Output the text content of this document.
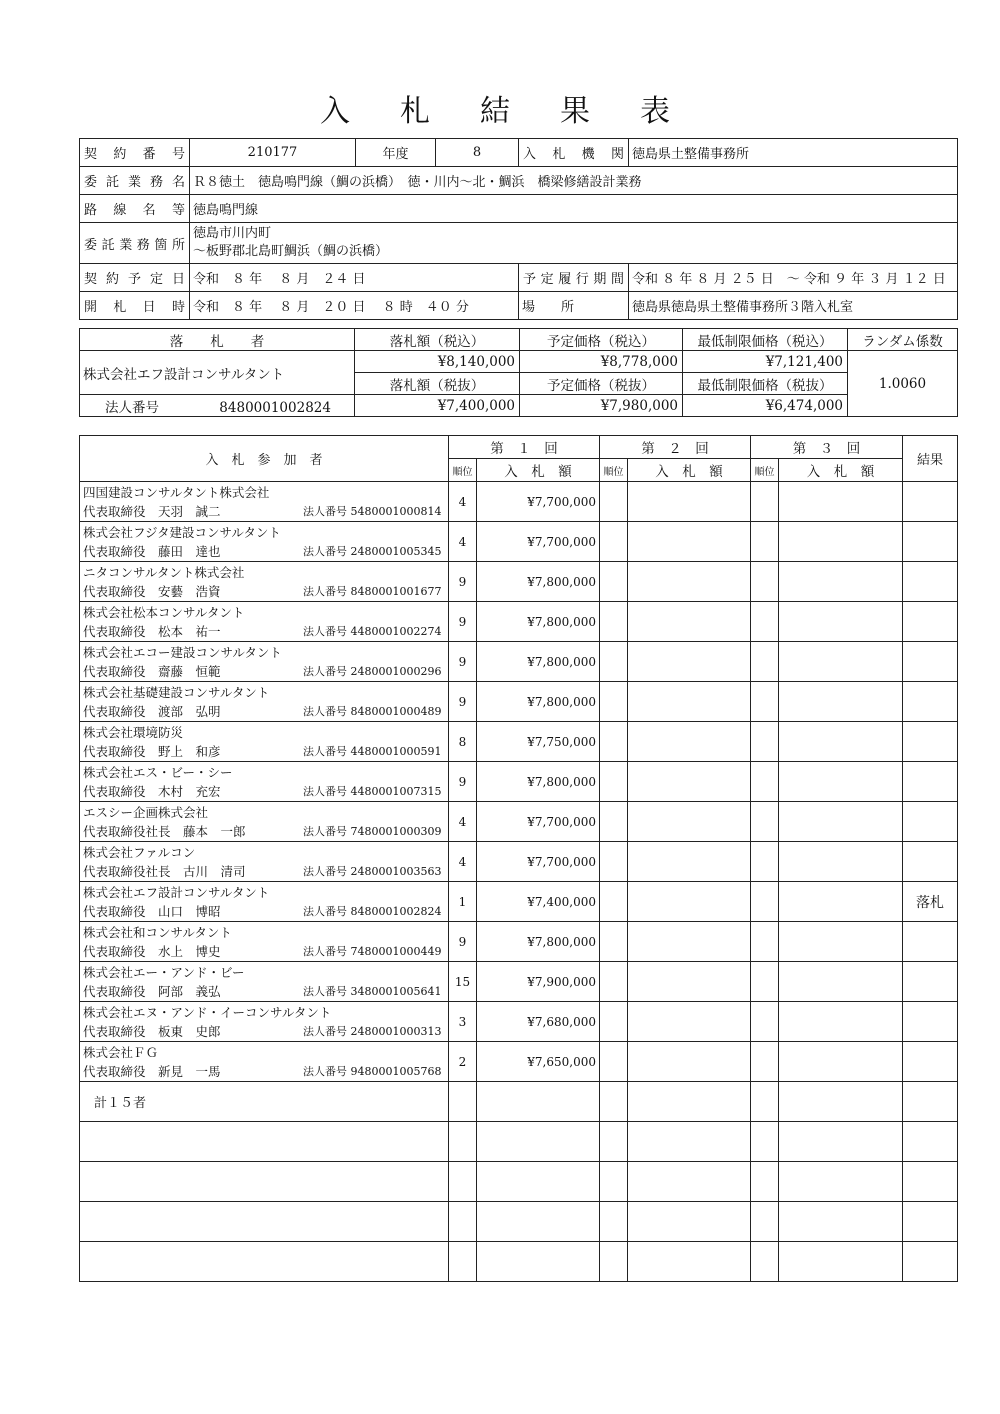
入　札　結　果　表
契約番号	210177	年度	8	入札機関	徳島県土整備事務所
委託業務名	Ｒ８徳土　徳島鳴門線（鯛の浜橋）　徳・川内～北・鯛浜　橋梁修繕設計業務				
路線名等	徳島鳴門線				
委託業務箇所	徳島市川内町
～板野郡北島町鯛浜（鯛の浜橋）				

契約予定日	令和　８ 年　 ８ 月　２４ 日			予定履行期間	令和 ８ 年 ８ 月 ２５ 日　～ 令和 ９ 年 ３ 月 １２ 日
開札日時	令和　８ 年　 ８ 月　２０ 日　 ８ 時　４０ 分			場　　所	徳島県徳島県土整備事務所３階入札室
落　　札　　者	落札額（税込）	予定価格（税込）	最低制限価格（税込）	ランダム係数
株式会社エフ設計コンサルタント	¥8,140,000	¥8,778,000	¥7,121,400	1.0060
	落札額（税抜）	予定価格（税抜）	最低制限価格（税抜）	
法人番号 8480001002824	¥7,400,000	¥7,980,000	¥6,474,000	
入　札　参　加　者	第　１　回		第　２　回		第　３　回		結果
	順位	入　札　額	順位	入　札　額	順位	入　札　額	

四国建設コンサルタント株式会社
代表取締役　天羽　誠二 法人番号 5480001000814	4	¥7,700,000					

株式会社フジタ建設コンサルタント
代表取締役　藤田　達也 法人番号 2480001005345	4	¥7,700,000					

ニタコンサルタント株式会社
代表取締役　安藝　浩資 法人番号 8480001001677	9	¥7,800,000					

株式会社松本コンサルタント
代表取締役　松本　祐一 法人番号 4480001002274	9	¥7,800,000					

株式会社エコー建設コンサルタント
代表取締役　齋藤　恒範 法人番号 2480001000296	9	¥7,800,000					

株式会社基礎建設コンサルタント
代表取締役　渡部　弘明 法人番号 8480001000489	9	¥7,800,000					

株式会社環境防災
代表取締役　野上　和彦 法人番号 4480001000591	8	¥7,750,000					

株式会社エス・ビー・シー
代表取締役　木村　充宏 法人番号 4480001007315	9	¥7,800,000					

エスシー企画株式会社
代表取締役社長　藤本　一郎 法人番号 7480001000309	4	¥7,700,000					

株式会社ファルコン
代表取締役社長　古川　清司 法人番号 2480001003563	4	¥7,700,000					

株式会社エフ設計コンサルタント
代表取締役　山口　博昭 法人番号 8480001002824	1	¥7,400,000					落札

株式会社和コンサルタント
代表取締役　水上　博史 法人番号 7480001000449	9	¥7,800,000					

株式会社エー・アンド・ビー
代表取締役　阿部　義弘 法人番号 3480001005641	15	¥7,900,000					

株式会社エヌ・アンド・イーコンサルタント
代表取締役　板東　史郎 法人番号 2480001000313	3	¥7,680,000					

株式会社ＦＧ
代表取締役　新見　一馬 法人番号 9480001005768	2	¥7,650,000					
計１５者							
